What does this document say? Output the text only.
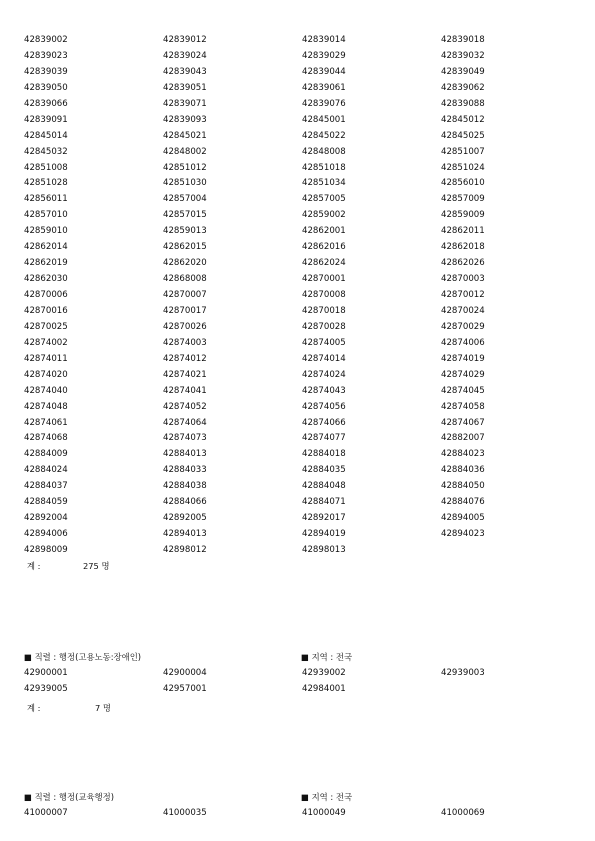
42839002	42839012	42839014	42839018
42839023	42839024	42839029	42839032
42839039	42839043	42839044	42839049
42839050	42839051	42839061	42839062
42839066	42839071	42839076	42839088
42839091	42839093	42845001	42845012
42845014	42845021	42845022	42845025
42845032	42848002	42848008	42851007
42851008	42851012	42851018	42851024
42851028	42851030	42851034	42856010
42856011	42857004	42857005	42857009
42857010	42857015	42859002	42859009
42859010	42859013	42862001	42862011
42862014	42862015	42862016	42862018
42862019	42862020	42862024	42862026
42862030	42868008	42870001	42870003
42870006	42870007	42870008	42870012
42870016	42870017	42870018	42870024
42870025	42870026	42870028	42870029
42874002	42874003	42874005	42874006
42874011	42874012	42874014	42874019
42874020	42874021	42874024	42874029
42874040	42874041	42874043	42874045
42874048	42874052	42874056	42874058
42874061	42874064	42874066	42874067
42874068	42874073	42874077	42882007
42884009	42884013	42884018	42884023
42884024	42884033	42884035	42884036
42884037	42884038	42884048	42884050
42884059	42884066	42884071	42884076
42892004	42892005	42892017	42894005
42894006	42894013	42894019	42894023
42898009	42898012	42898013
계 :	275 명
■ 직렬 : 행정(고용노동:장애인)	■ 지역 : 전국
42900001	42900004	42939002	42939003
42939005	42957001	42984001
계 :	7 명
■ 직렬 : 행정(교육행정)	■ 지역 : 전국
41000007	41000035	41000049	41000069
